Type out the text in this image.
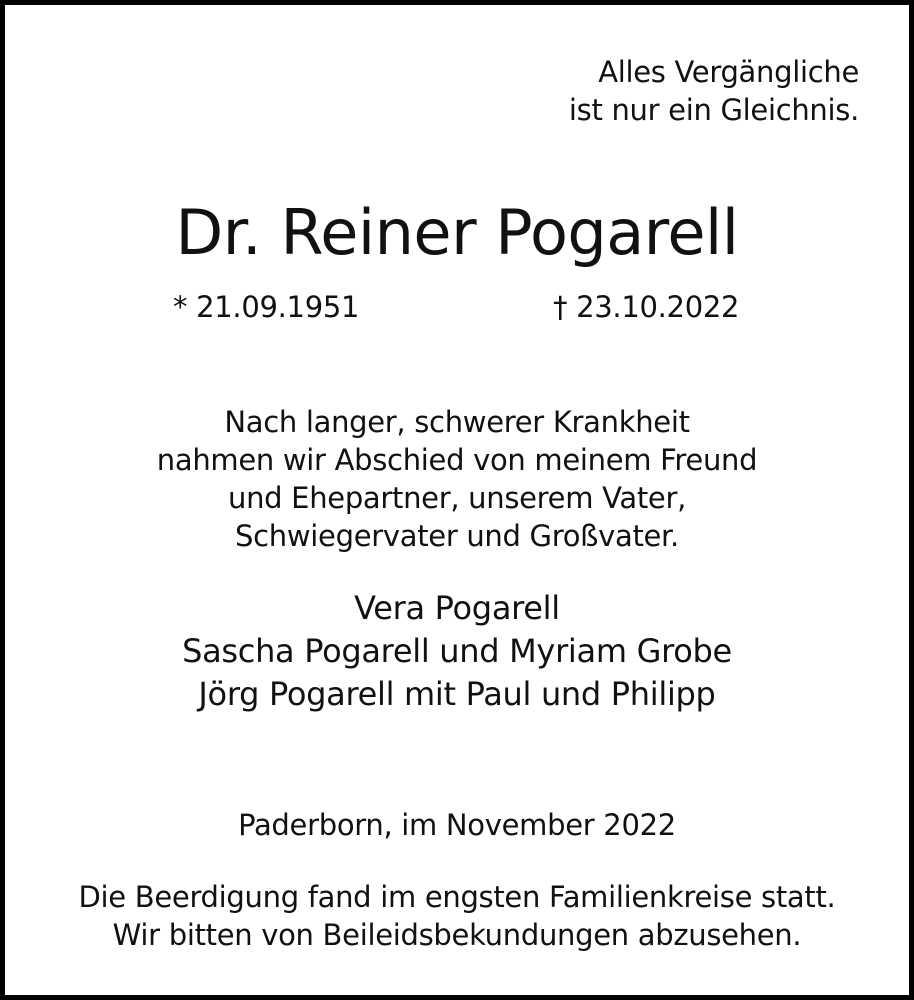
Alles Vergängliche
ist nur ein Gleichnis.
Dr. Reiner Pogarell
* 21.09.1951	† 23.10.2022
Nach langer, schwerer Krankheit
nahmen wir Abschied von meinem Freund
und Ehepartner, unserem Vater,
Schwiegervater und Großvater.
Vera Pogarell
Sascha Pogarell und Myriam Grobe
Jörg Pogarell mit Paul und Philipp
Paderborn, im November 2022
Die Beerdigung fand im engsten Familienkreise statt.
Wir bitten von Beileidsbekundungen abzusehen.
